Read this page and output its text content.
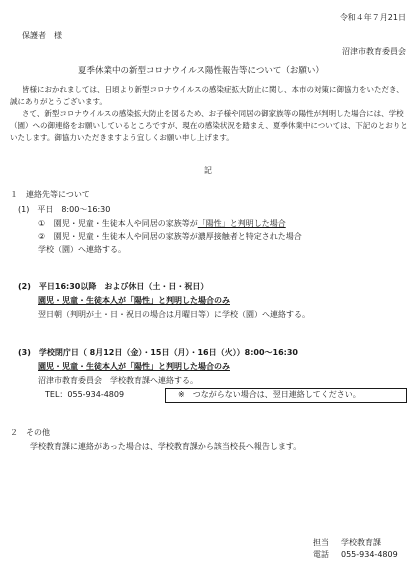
令和４年７月21日
保護者　様
沼津市教育委員会
夏季休業中の新型コロナウイルス陽性報告等について（お願い）

皆様におかれましては、日頃より新型コロナウイルスの感染症拡大防止に関し、本市の対策に御協力をいただき、誠にありがとうございます。

さて、新型コロナウイルスの感染拡大防止を図るため、お子様や同居の御家族等の陽性が判明した場合には、学校（園）への御連絡をお願いしているところですが、現在の感染状況を踏まえ、夏季休業中については、下記のとおりといたします。御協力いただきますよう宜しくお願い申し上げます。

記
１　連絡先等について
(1)　平日　8:00～16:30
① 園児・児童・生徒本人や同居の家族等が「陽性」と判明した場合
② 園児・児童・生徒本人や同居の家族等が濃厚接触者と特定された場合
学校（園）へ連絡する。
(2)　平日16:30以降　および休日（土・日・祝日）
園児・児童・生徒本人が「陽性」と判明した場合のみ
翌日朝（判明が土・日・祝日の場合は月曜日等）に学校（園）へ連絡する。
(3)　学校閉庁日（ 8月12日（金）・15日（月）・16日（火））8:00～16:30
園児・児童・生徒本人が「陽性」と判明した場合のみ
沼津市教育委員会　学校教育課へ連絡する。
TEL：055-934-4809	※　つながらない場合は、翌日連絡してください。
２　その他
学校教育課に連絡があった場合は、学校教育課から該当校長へ報告します。
担当 学校教育課
電話 055-934-4809
